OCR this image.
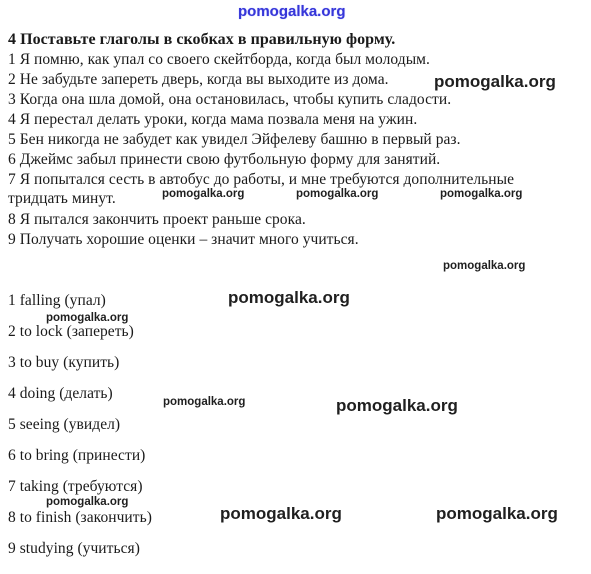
pomogalka.org
4 Поставьте глаголы в скобках в правильную форму.
1 Я помню, как упал со своего скейтборда, когда был молодым.
2 Не забудьте запереть дверь, когда вы выходите из дома.
3 Когда она шла домой, она остановилась, чтобы купить сладости.
4 Я перестал делать уроки, когда мама позвала меня на ужин.
5 Бен никогда не забудет как увидел Эйфелеву башню в первый раз.
6 Джеймс забыл принести свою футбольную форму для занятий.
7 Я попытался сесть в автобус до работы, и мне требуются дополнительные
тридцать минут.
8 Я пытался закончить проект раньше срока.
9 Получать хорошие оценки – значит много учиться.
1 falling (упал)
2 to lock (запереть)
3 to buy (купить)
4 doing (делать)
5 seeing (увидел)
6 to bring (принести)
7 taking (требуются)
8 to finish (закончить)
9 studying (учиться)
pomogalka.org
pomogalka.org	pomogalka.org	pomogalka.org
pomogalka.org
pomogalka.org
pomogalka.org
pomogalka.org	pomogalka.org
pomogalka.org
pomogalka.org	pomogalka.org
